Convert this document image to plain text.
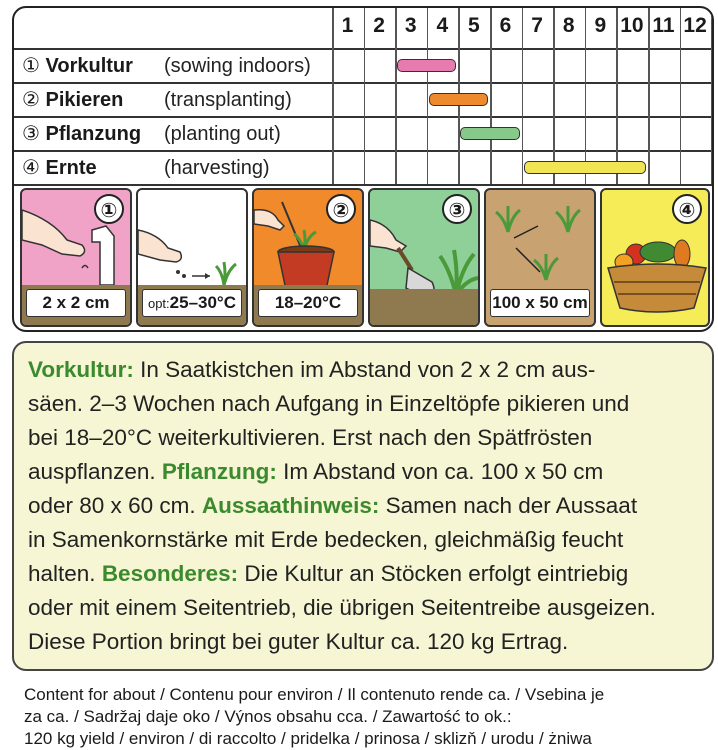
1 2 3 4 5 6 7 8 9 10 11 12
① Vorkultur (sowing indoors)
② Pikieren (transplanting)
③ Pflanzung (planting out)
④ Ernte	(harvesting)
①
2 x 2 cm	opt:25–30°C
②
18–20°C
③
100 x 50 cm
④

Vorkultur: In Saatkistchen im Abstand von 2 x 2 cm aus-

säen. 2–3 Wochen nach Aufgang in Einzeltöpfe pikieren und

bei 18–20°C weiterkultivieren. Erst nach den Spätfrösten

auspflanzen. Pflanzung: Im Abstand von ca. 100 x 50 cm

oder 80 x 60 cm. Aussaathinweis: Samen nach der Aussaat

in Samenkornstärke mit Erde bedecken, gleichmäßig feucht

halten. Besonderes: Die Kultur an Stöcken erfolgt eintriebig

oder mit einem Seitentrieb, die übrigen Seitentreibe ausgeizen.

Diese Portion bringt bei guter Kultur ca. 120 kg Ertrag.

Content for about / Contenu pour environ / Il contenuto rende ca. / Vsebina je
za ca. / Sadržaj daje oko / Výnos obsahu cca. / Zawartość to ok.:
120 kg yield / environ / di raccolto / pridelka / prinosa / sklizň / urodu / żniwa
